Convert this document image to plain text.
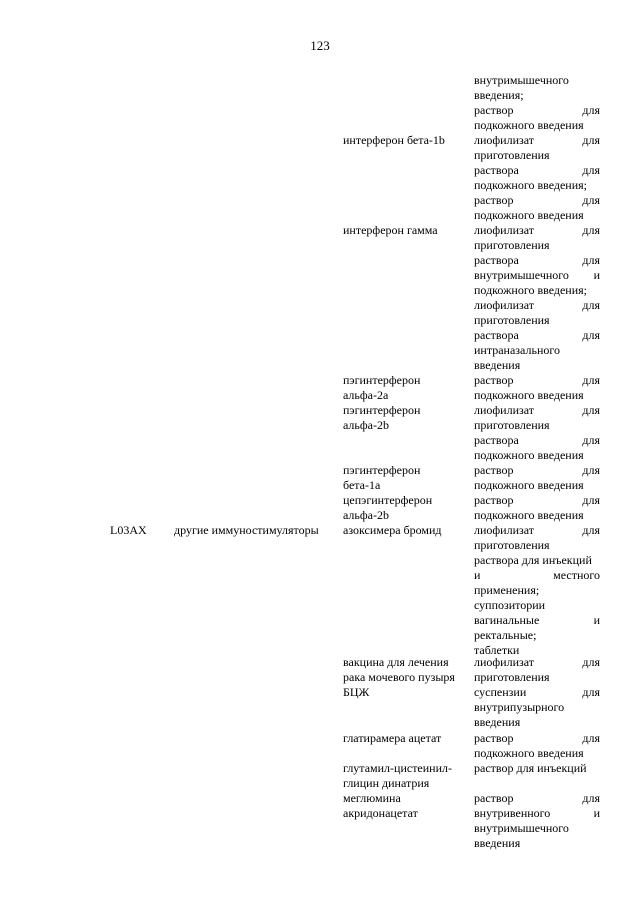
123
L03AX другие иммуностимуляторы
интерферон бета-1b
интерферон гамма
пэгинтерферон
альфа-2a
пэгинтерферон
альфа-2b
пэгинтерферон
бета-1a
цепэгинтерферон
альфа-2b
азоксимера бромид
вакцина для лечения
рака мочевого пузыря
БЦЖ
глатирамера ацетат
глутамил-цистеинил-
глицин динатрия
меглюмина
акридонацетат
внутримышечного
введения;
раствор для
подкожного введения
лиофилизат для
приготовления
раствора для
подкожного введения;
раствор для
подкожного введения
лиофилизат для
приготовления
раствора для
внутримышечного и
подкожного введения;
лиофилизат для
приготовления
раствора для
интраназального
введения
раствор для
подкожного введения
лиофилизат для
приготовления
раствора для
подкожного введения
раствор для
подкожного введения
раствор для
подкожного введения
лиофилизат для
приготовления
раствора для инъекций
и местного
применения;
суппозитории
вагинальные и
ректальные;
таблетки
лиофилизат для
приготовления
суспензии для
внутрипузырного
введения
раствор для
подкожного введения
раствор для инъекций
раствор для
внутривенного и
внутримышечного
введения
